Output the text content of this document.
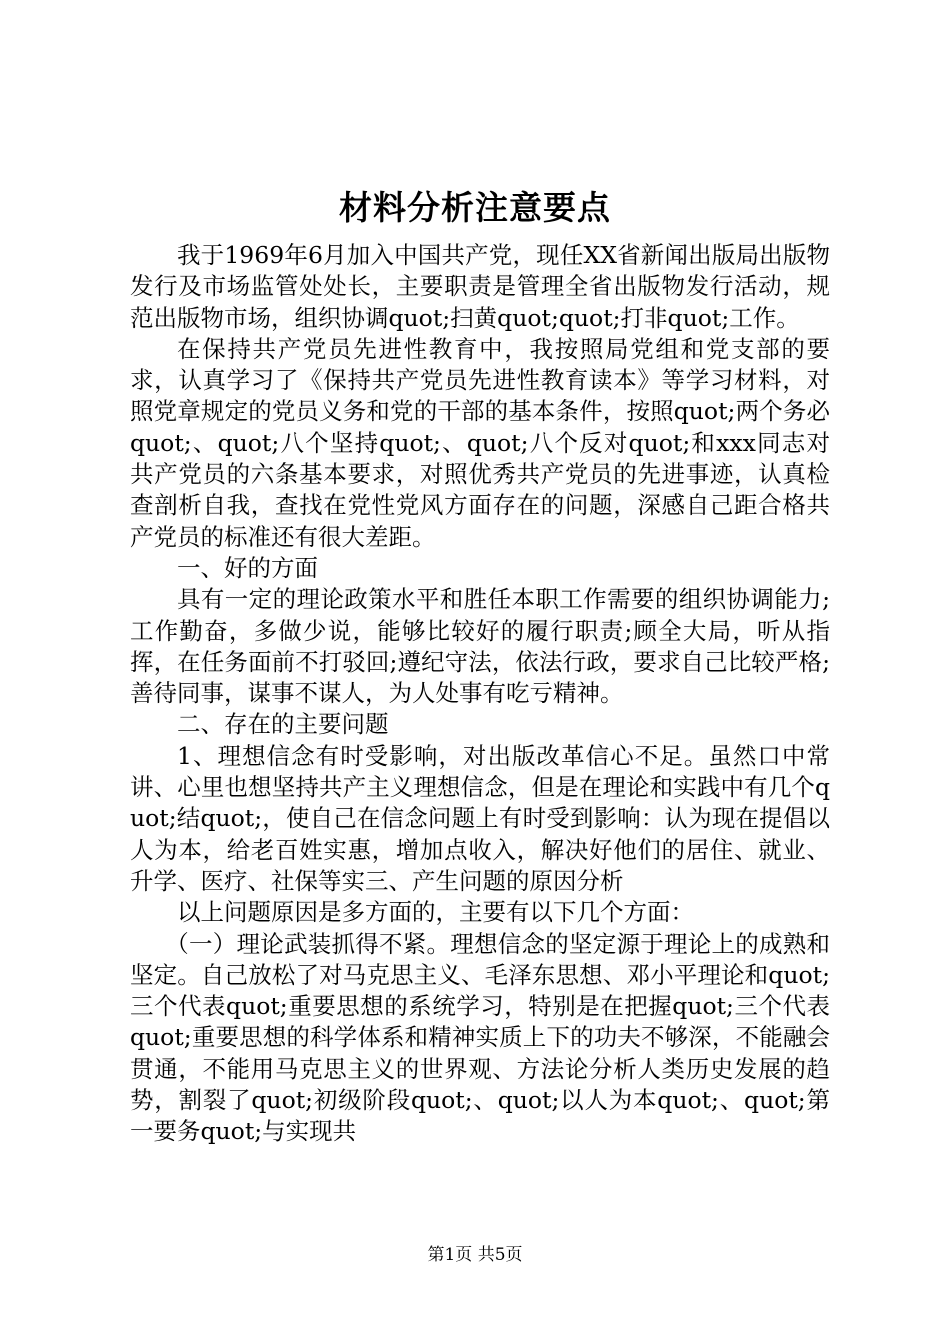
材料分析注意要点

我于1969年6月加入中国共产党，现任XX省新闻出版局出版物发行及市场监管处处长，主要职责是管理全省出版物发行活动，规范出版物市场，组织协调quot;扫黄quot;quot;打非quot;工作。

在保持共产党员先进性教育中，我按照局党组和党支部的要求，认真学习了《保持共产党员先进性教育读本》等学习材料，对照党章规定的党员义务和党的干部的基本条件，按照quot;两个务必quot;、quot;八个坚持quot;、quot;八个反对quot;和xxx同志对共产党员的六条基本要求，对照优秀共产党员的先进事迹，认真检查剖析自我，查找在党性党风方面存在的问题，深感自己距合格共产党员的标准还有很大差距。

一、好的方面

具有一定的理论政策水平和胜任本职工作需要的组织协调能力;工作勤奋，多做少说，能够比较好的履行职责;顾全大局，听从指挥，在任务面前不打驳回;遵纪守法，依法行政，要求自己比较严格;善待同事，谋事不谋人，为人处事有吃亏精神。

二、存在的主要问题

1、理想信念有时受影响，对出版改革信心不足。虽然口中常讲、心里也想坚持共产主义理想信念，但是在理论和实践中有几个quot;结quot;，使自己在信念问题上有时受到影响：认为现在提倡以人为本，给老百姓实惠，增加点收入，解决好他们的居住、就业、升学、医疗、社保等实三、产生问题的原因分析

以上问题原因是多方面的，主要有以下几个方面：

（一）理论武装抓得不紧。理想信念的坚定源于理论上的成熟和坚定。自己放松了对马克思主义、毛泽东思想、邓小平理论和quot;三个代表quot;重要思想的系统学习，特别是在把握quot;三个代表quot;重要思想的科学体系和精神实质上下的功夫不够深，不能融会贯通，不能用马克思主义的世界观、方法论分析人类历史发展的趋势，割裂了quot;初级阶段quot;、quot;以人为本quot;、quot;第一要务quot;与实现共

第1页 共5页
